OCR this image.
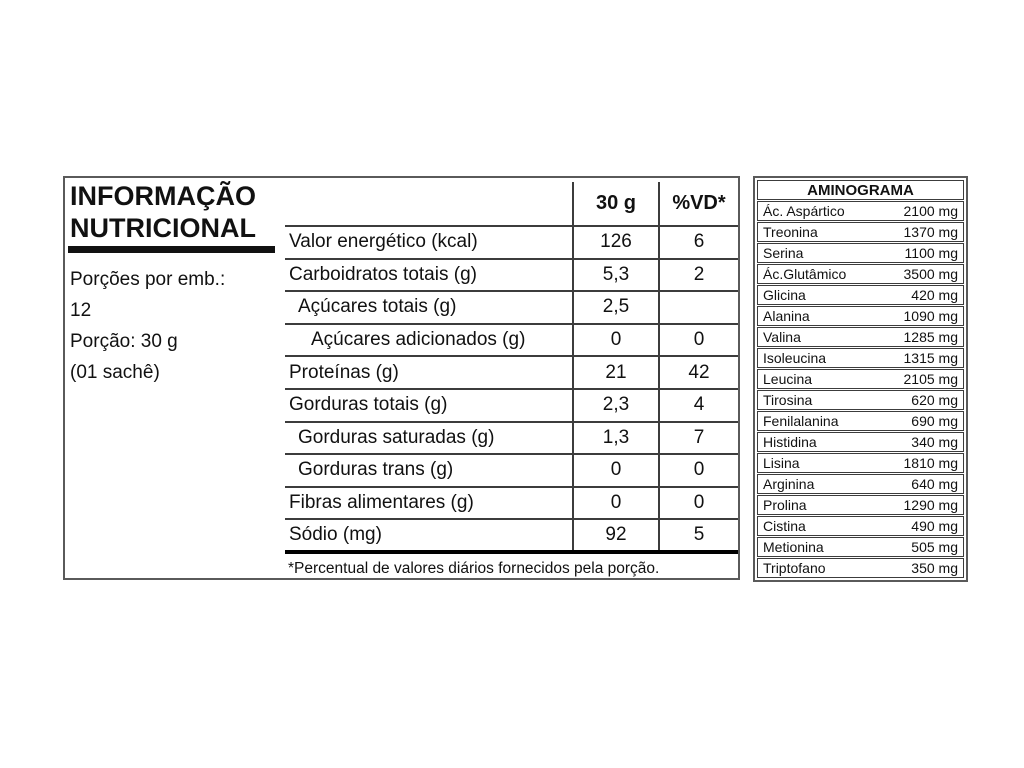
INFORMAÇÃO NUTRICIONAL
Porções por emb.:
12
Porção: 30 g
(01 sachê)
	30 g	%VD*
Valor energético (kcal)	126	6
Carboidratos totais (g)	5,3	2
Açúcares totais (g)	2,5	
Açúcares adicionados (g)	0	0
Proteínas (g)	21	42
Gorduras totais (g)	2,3	4
Gorduras saturadas (g)	1,3	7
Gorduras trans (g)	0	0
Fibras alimentares (g)	0	0
Sódio (mg)	92	5
*Percentual de valores diários fornecidos pela porção.
AMINOGRAMA
Ác. Aspártico	2100 mg
Treonina	1370 mg
Serina	1100 mg
Ác.Glutâmico	3500 mg
Glicina	420 mg
Alanina	1090 mg
Valina	1285 mg
Isoleucina	1315 mg
Leucina	2105 mg
Tirosina	620 mg
Fenilalanina	690 mg
Histidina	340 mg
Lisina	1810 mg
Arginina	640 mg
Prolina	1290 mg
Cistina	490 mg
Metionina	505 mg
Triptofano	350 mg
